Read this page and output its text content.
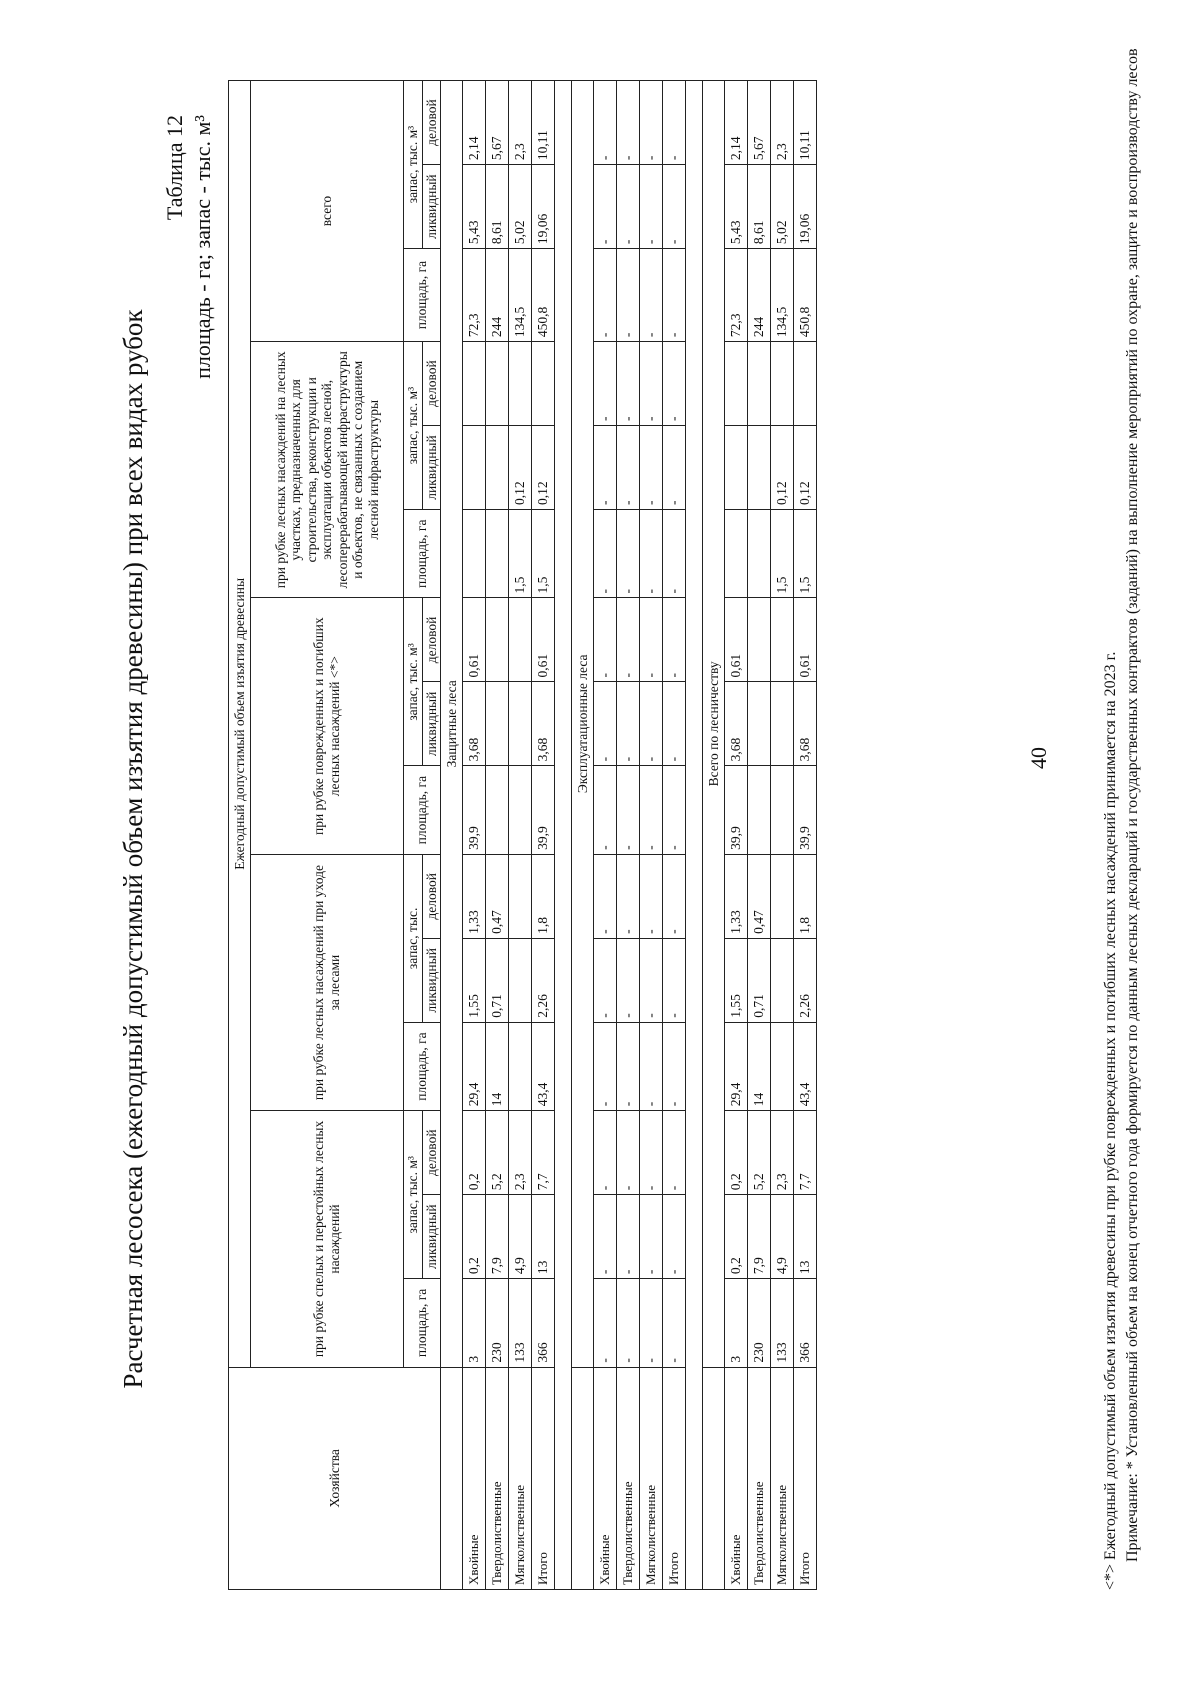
Расчетная лесосека (ежегодный допустимый объем изъятия древесины) при всех видах рубок
Таблица 12 площадь - га; запас - тыс. м³
Хозяйства	Ежегодный допустимый объем изъятия древесины														
	при рубке спелых и перестойных лесных насаждений			при рубке лесных насаждений при уходе за лесами			при рубке поврежденных и погибших лесных насаждений <*>			при рубке лесных насаждений на лесных участках, предназначенных для строительства, реконструкции и эксплуатации объектов лесной, лесоперерабатывающей инфраструктуры и объектов, не связанных с созданием лесной инфраструктуры			всего		
	площадь, га	запас, тыс. м³		площадь, га	запас, тыс.		площадь, га	запас, тыс. м³		площадь, га	запас, тыс. м³		площадь, га	запас, тыс. м³	
		ликвидный	деловой		ликвидный	деловой		ликвидный	деловой		ликвидный	деловой		ликвидный	деловой
	Защитные леса														
Хвойные	3	0,2	0,2	29,4	1,55	1,33	39,9	3,68	0,61				72,3	5,43	2,14
Твердолиственные	230	7,9	5,2	14	0,71	0,47							244	8,61	5,67
Мягколиственные	133	4,9	2,3							1,5	0,12		134,5	5,02	2,3
Итого	366	13	7,7	43,4	2,26	1,8	39,9	3,68	0,61	1,5	0,12		450,8	19,06	10,11

	Эксплуатационные леса														
Хвойные	-	-	-	-	-	-	-	-	-	-	-	-	-	-	-
Твердолиственные	-	-	-	-	-	-	-	-	-	-	-	-	-	-	-
Мягколиственные	-	-	-	-	-	-	-	-	-	-	-	-	-	-	-
Итого	-	-	-	-	-	-	-	-	-	-	-	-	-	-	-

	Всего по лесничеству														
Хвойные	3	0,2	0,2	29,4	1,55	1,33	39,9	3,68	0,61				72,3	5,43	2,14
Твердолиственные	230	7,9	5,2	14	0,71	0,47							244	8,61	5,67
Мягколиственные	133	4,9	2,3							1,5	0,12		134,5	5,02	2,3
Итого	366	13	7,7	43,4	2,26	1,8	39,9	3,68	0,61	1,5	0,12		450,8	19,06	10,11

<*> Ежегодный допустимый объем изъятия древесины при рубке поврежденных и погибших лесных насаждений принимается на 2023 г. Примечание: * Установленный объем на конец отчетного года формируется по данным лесных деклараций и государственных контрактов (заданий) на выполнение мероприятий по охране, защите и воспроизводству лесов

40
